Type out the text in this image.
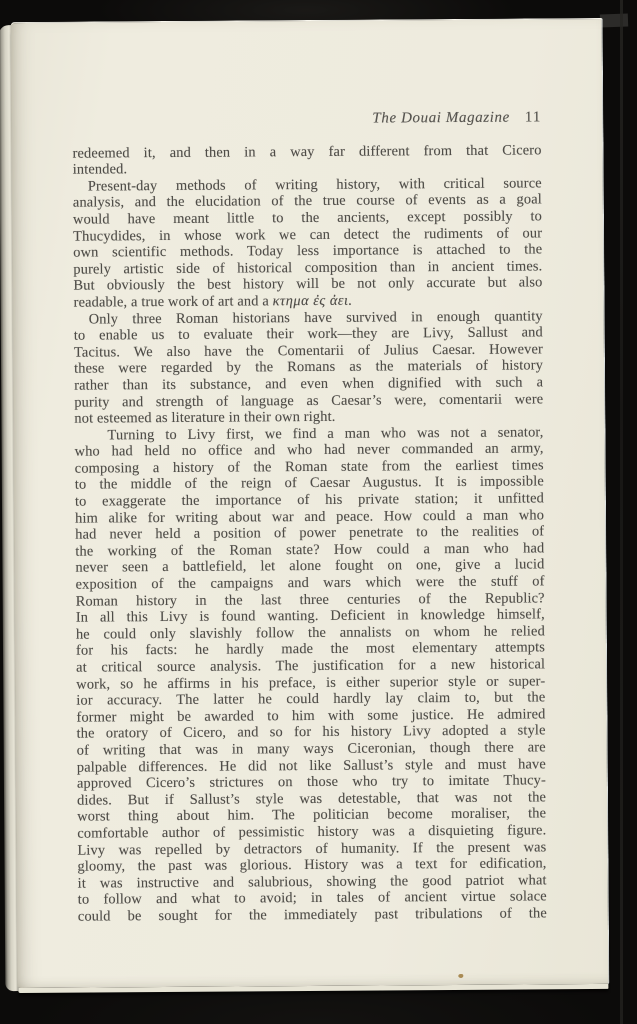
The Douai Magazine 11
redeemed it, and then in a way far different from that Cicero
intended.
Present-day methods of writing history, with critical source
analysis, and the elucidation of the true course of events as a goal
would have meant little to the ancients, except possibly to
Thucydides, in whose work we can detect the rudiments of our
own scientific methods. Today less importance is attached to the
purely artistic side of historical composition than in ancient times.
But obviously the best history will be not only accurate but also
readable, a true work of art and a κτημα ἐς ἀει.
Only three Roman historians have survived in enough quantity
to enable us to evaluate their work—they are Livy, Sallust and
Tacitus. We also have the Comentarii of Julius Caesar. However
these were regarded by the Romans as the materials of history
rather than its substance, and even when dignified with such a
purity and strength of language as Caesar’s were, comentarii were
not esteemed as literature in their own right.
Turning to Livy first, we find a man who was not a senator,
who had held no office and who had never commanded an army,
composing a history of the Roman state from the earliest times
to the middle of the reign of Caesar Augustus. It is impossible
to exaggerate the importance of his private station; it unfitted
him alike for writing about war and peace. How could a man who
had never held a position of power penetrate to the realities of
the working of the Roman state? How could a man who had
never seen a battlefield, let alone fought on one, give a lucid
exposition of the campaigns and wars which were the stuff of
Roman history in the last three centuries of the Republic?
In all this Livy is found wanting. Deficient in knowledge himself,
he could only slavishly follow the annalists on whom he relied
for his facts: he hardly made the most elementary attempts
at critical source analysis. The justification for a new historical
work, so he affirms in his preface, is either superior style or super-
ior accuracy. The latter he could hardly lay claim to, but the
former might be awarded to him with some justice. He admired
the oratory of Cicero, and so for his history Livy adopted a style
of writing that was in many ways Ciceronian, though there are
palpable differences. He did not like Sallust’s style and must have
approved Cicero’s strictures on those who try to imitate Thucy-
dides. But if Sallust’s style was detestable, that was not the
worst thing about him. The politician become moraliser, the
comfortable author of pessimistic history was a disquieting figure.
Livy was repelled by detractors of humanity. If the present was
gloomy, the past was glorious. History was a text for edification,
it was instructive and salubrious, showing the good patriot what
to follow and what to avoid; in tales of ancient virtue solace
could be sought for the immediately past tribulations of the
